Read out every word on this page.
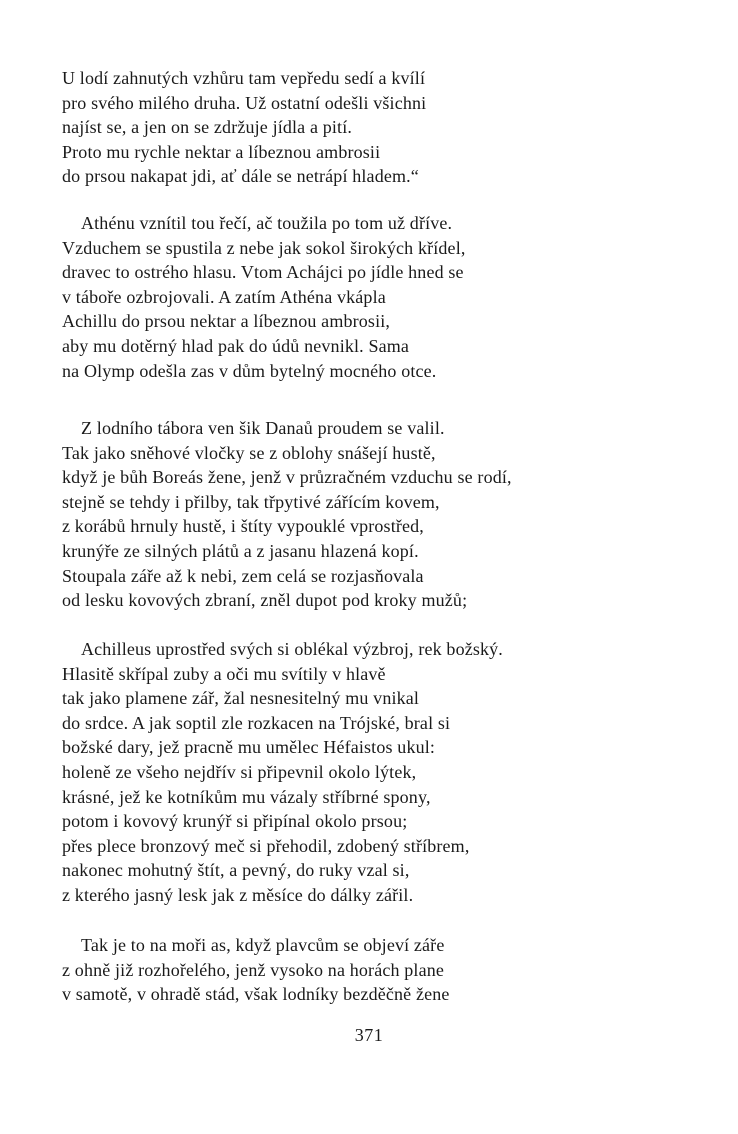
U lodí zahnutých vzhůru tam vepředu sedí a kvílí
pro svého milého druha. Už ostatní odešli všichni
najíst se, a jen on se zdržuje jídla a pití.
Proto mu rychle nektar a líbeznou ambrosii
do prsou nakapat jdi, ať dále se netrápí hladem.“
Athénu vznítil tou řečí, ač toužila po tom už dříve.
Vzduchem se spustila z nebe jak sokol širokých křídel,
dravec to ostrého hlasu. Vtom Achájci po jídle hned se
v táboře ozbrojovali. A zatím Athéna vkápla
Achillu do prsou nektar a líbeznou ambrosii,
aby mu dotěrný hlad pak do údů nevnikl. Sama
na Olymp odešla zas v dům bytelný mocného otce.
Z lodního tábora ven šik Danaů proudem se valil.
Tak jako sněhové vločky se z oblohy snášejí hustě,
když je bůh Boreás žene, jenž v průzračném vzduchu se rodí,
stejně se tehdy i přilby, tak třpytivé zářícím kovem,
z korábů hrnuly hustě, i štíty vypouklé vprostřed,
krunýře ze silných plátů a z jasanu hlazená kopí.
Stoupala záře až k nebi, zem celá se rozjasňovala
od lesku kovových zbraní, zněl dupot pod kroky mužů;
Achilleus uprostřed svých si oblékal výzbroj, rek božský.
Hlasitě skřípal zuby a oči mu svítily v hlavě
tak jako plamene zář, žal nesnesitelný mu vnikal
do srdce. A jak soptil zle rozkacen na Trójské, bral si
božské dary, jež pracně mu umělec Héfaistos ukul:
holeně ze všeho nejdřív si připevnil okolo lýtek,
krásné, jež ke kotníkům mu vázaly stříbrné spony,
potom i kovový krunýř si připínal okolo prsou;
přes plece bronzový meč si přehodil, zdobený stříbrem,
nakonec mohutný štít, a pevný, do ruky vzal si,
z kterého jasný lesk jak z měsíce do dálky zářil.
Tak je to na moři as, když plavcům se objeví záře
z ohně již rozhořelého, jenž vysoko na horách plane
v samotě, v ohradě stád, však lodníky bezděčně žene
371
